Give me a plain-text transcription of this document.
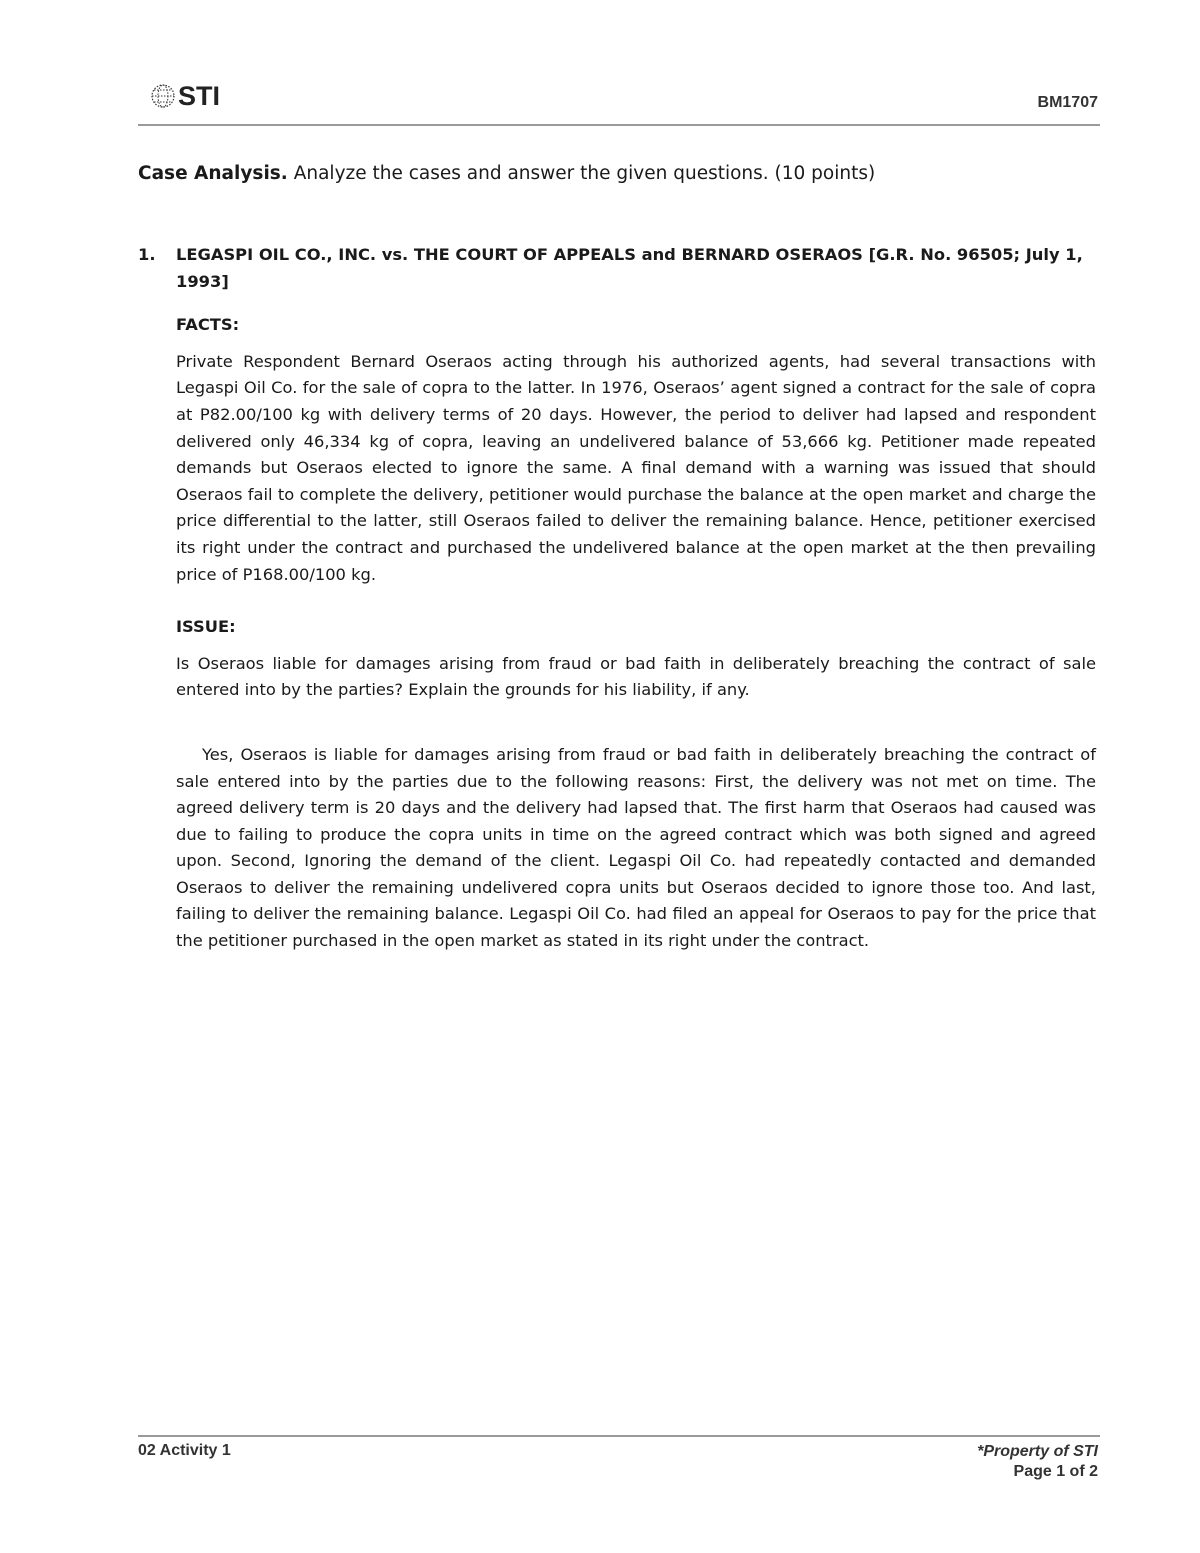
STI	BM1707

Case Analysis. Analyze the cases and answer the given questions. (10 points)

1.	LEGASPI OIL CO., INC. vs. THE COURT OF APPEALS and BERNARD OSERAOS [G.R. No. 96505; July 1, 1993]
FACTS:

Private Respondent Bernard Oseraos acting through his authorized agents, had several transactions with Legaspi Oil Co. for the sale of copra to the latter. In 1976, Oseraos’ agent signed a contract for the sale of copra at P82.00/100 kg with delivery terms of 20 days. However, the period to deliver had lapsed and respondent delivered only 46,334 kg of copra, leaving an undelivered balance of 53,666 kg. Petitioner made repeated demands but Oseraos elected to ignore the same. A final demand with a warning was issued that should Oseraos fail to complete the delivery, petitioner would purchase the balance at the open market and charge the price differential to the latter, still Oseraos failed to deliver the remaining balance. Hence, petitioner exercised its right under the contract and purchased the undelivered balance at the open market at the then prevailing price of P168.00/100 kg.

ISSUE:

Is Oseraos liable for damages arising from fraud or bad faith in deliberately breaching the contract of sale entered into by the parties? Explain the grounds for his liability, if any.

Yes, Oseraos is liable for damages arising from fraud or bad faith in deliberately breaching the contract of sale entered into by the parties due to the following reasons: First, the delivery was not met on time. The agreed delivery term is 20 days and the delivery had lapsed that. The first harm that Oseraos had caused was due to failing to produce the copra units in time on the agreed contract which was both signed and agreed upon. Second, Ignoring the demand of the client. Legaspi Oil Co. had repeatedly contacted and demanded Oseraos to deliver the remaining undelivered copra units but Oseraos decided to ignore those too. And last, failing to deliver the remaining balance. Legaspi Oil Co. had filed an appeal for Oseraos to pay for the price that the petitioner purchased in the open market as stated in its right under the contract.

02 Activity 1	*Property of STI
Page 1 of 2
